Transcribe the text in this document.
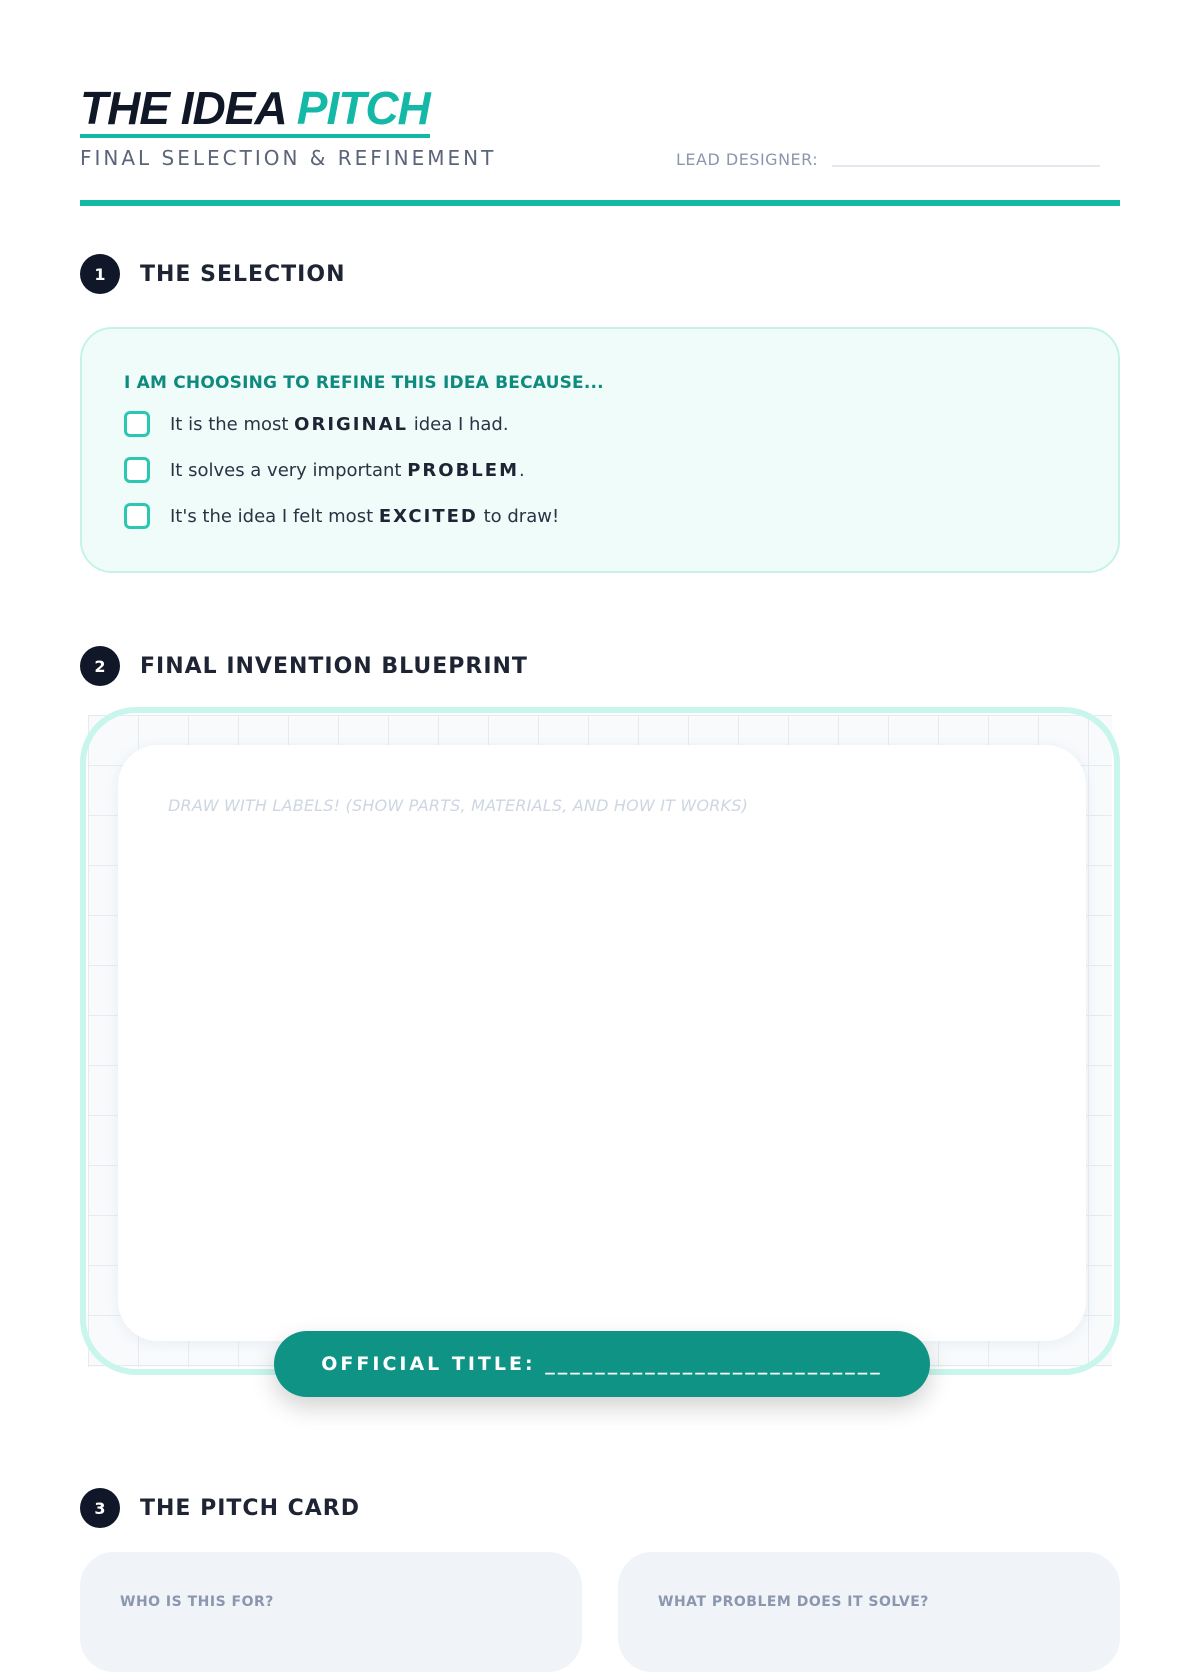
THE IDEA PITCH
FINAL SELECTION & REFINEMENT	LEAD DESIGNER:
1	THE SELECTION
I AM CHOOSING TO REFINE THIS IDEA BECAUSE...
It is the most ORIGINAL idea I had.
It solves a very important PROBLEM.
It's the idea I felt most EXCITED to draw!
2	FINAL INVENTION BLUEPRINT
DRAW WITH LABELS! (SHOW PARTS, MATERIALS, AND HOW IT WORKS)
OFFICIAL TITLE: ___________________________
3	THE PITCH CARD
WHO IS THIS FOR?	WHAT PROBLEM DOES IT SOLVE?
